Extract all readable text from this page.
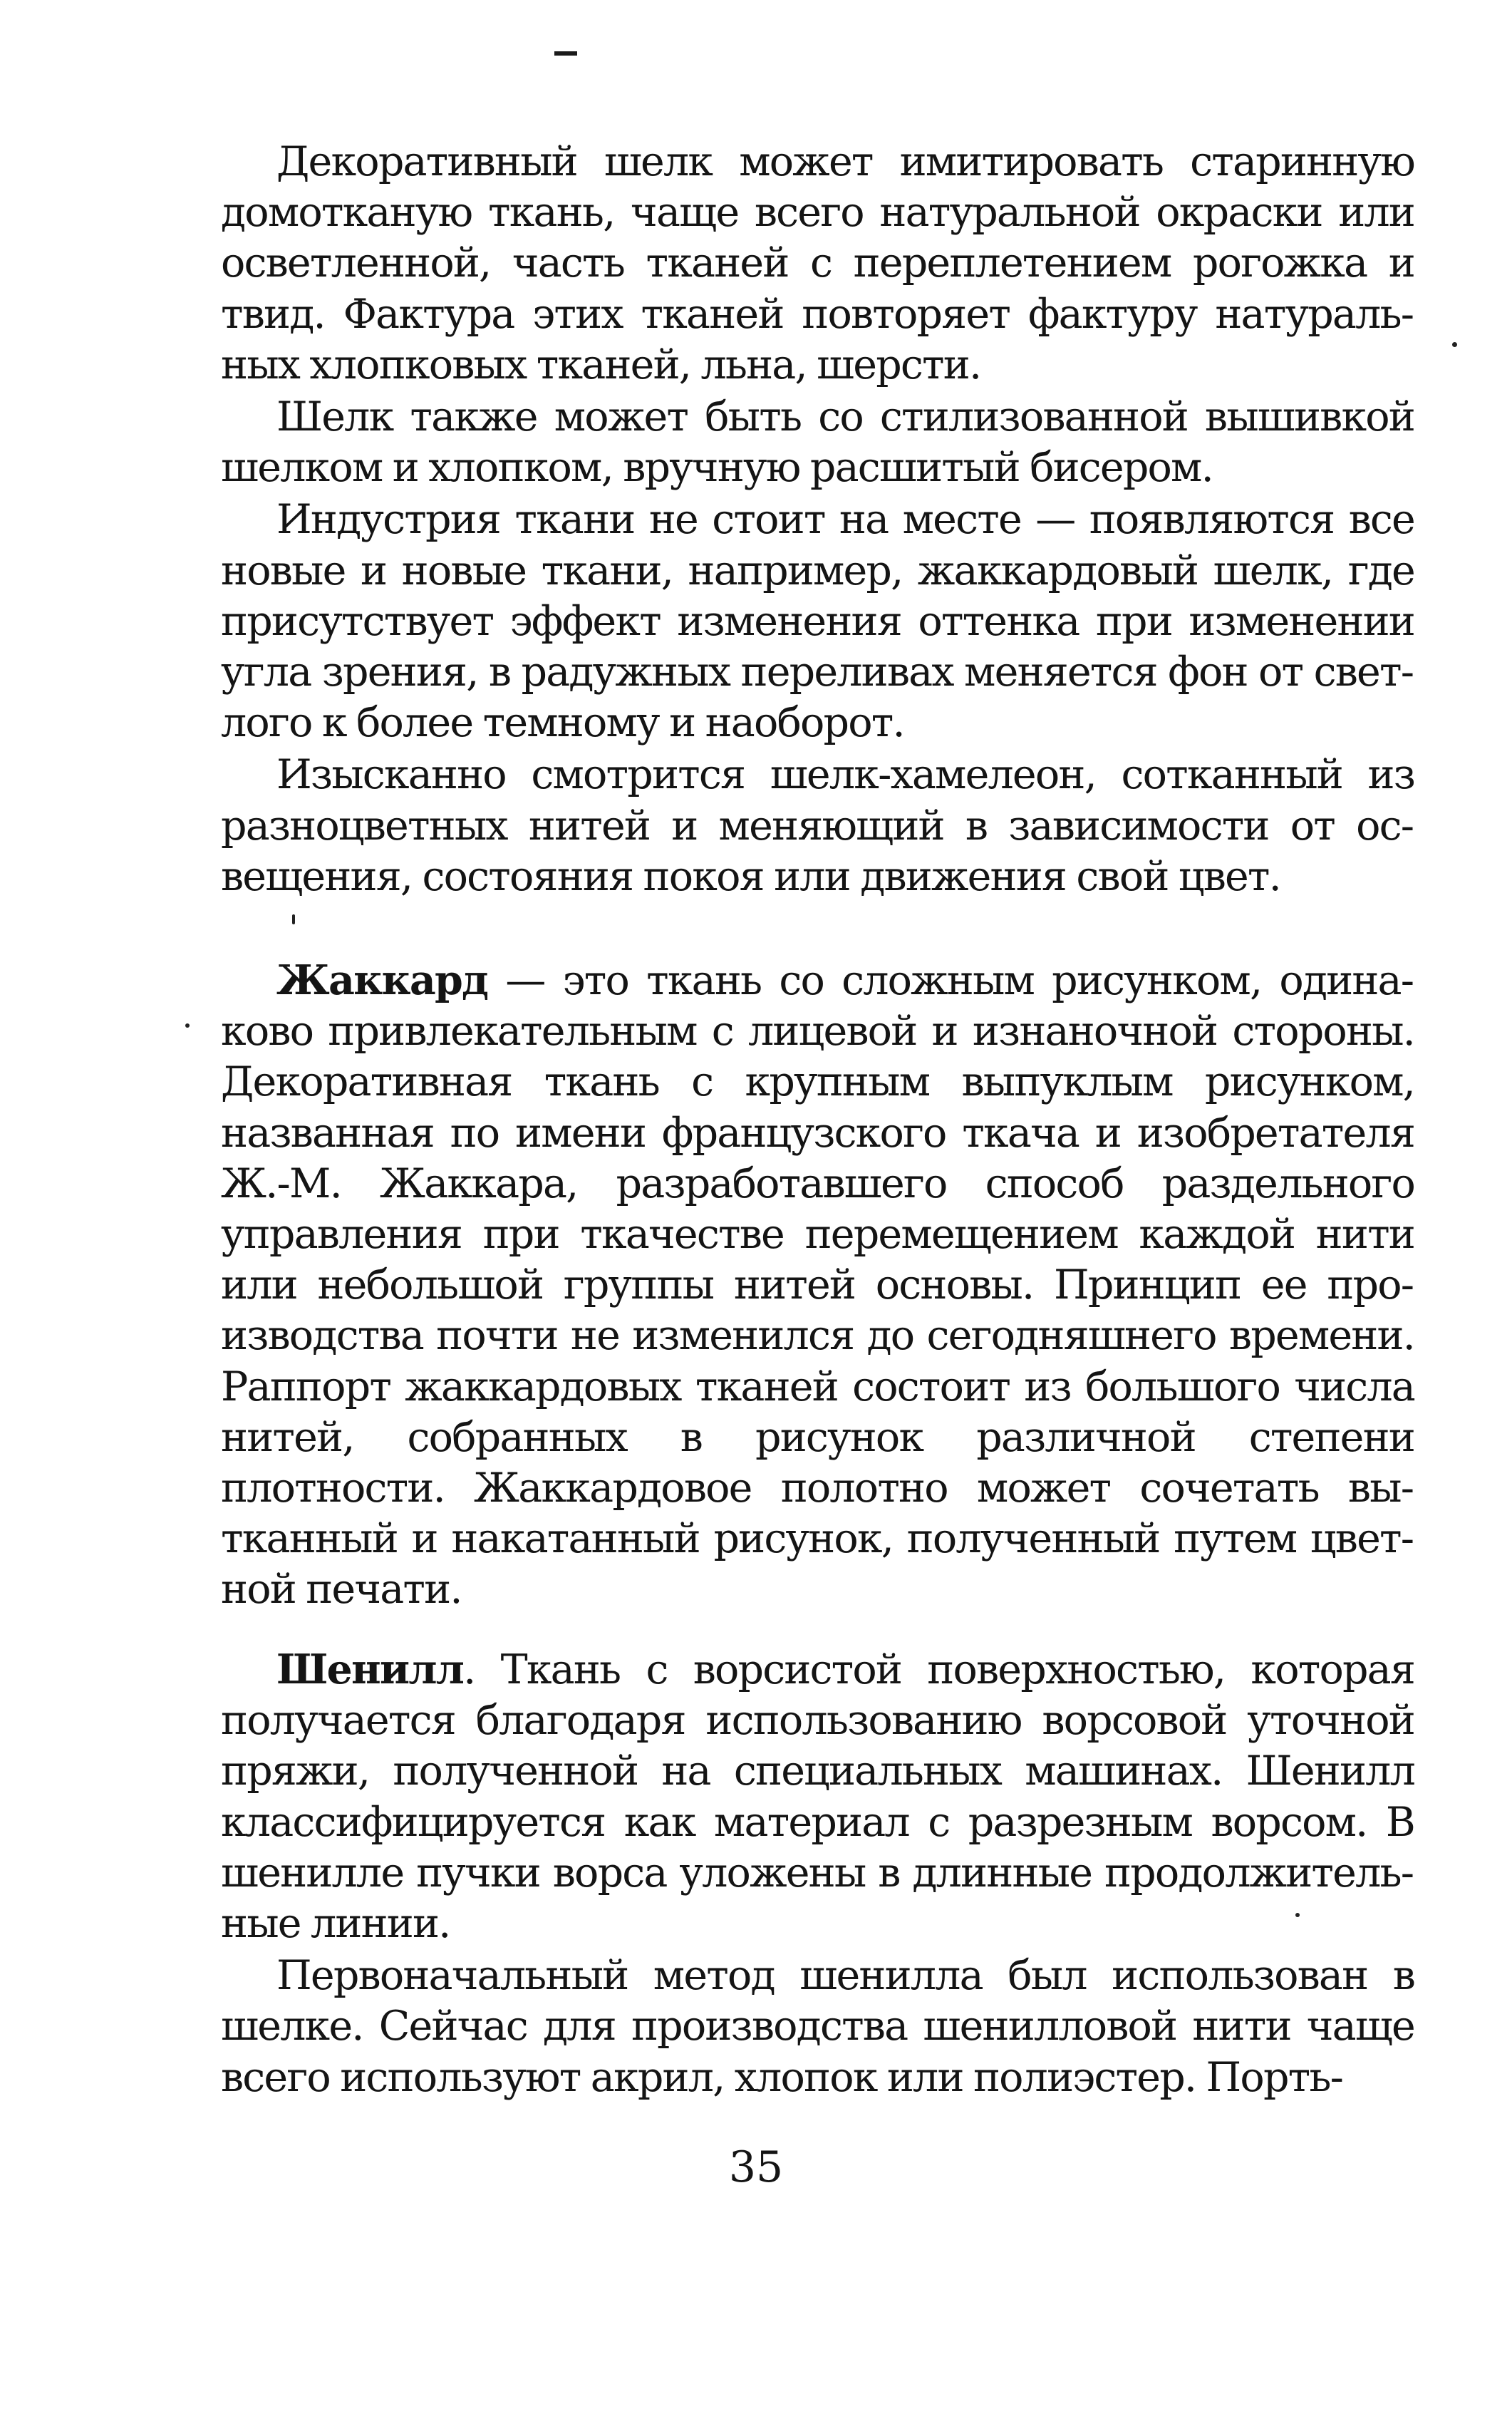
Декоративный шелк может имитировать старинную домотканую ткань, чаще всего натуральной окраски или осветленной, часть тканей с переплетением рогожка и твид. Фактура этих тканей повторяет фактуру натуральных хлопковых тканей, льна, шерсти.

Шелк также может быть со стилизованной вышивкой шелком и хлопком, вручную расшитый бисером.

Индустрия ткани не стоит на месте — появляются все новые и новые ткани, например, жаккардовый шелк, где присутствует эффект изменения оттенка при изменении угла зрения, в радужных переливах меняется фон от светлого к более темному и наоборот.

Изысканно смотрится шелк-хамелеон, сотканный из разноцветных нитей и меняющий в зависимости от освещения, состояния покоя или движения свой цвет.

Жаккард — это ткань со сложным рисунком, одинаково привлекательным с лицевой и изнаночной стороны. Декоративная ткань с крупным выпуклым рисунком, названная по имени французского ткача и изобретателя Ж.-М. Жаккара, разработавшего способ раздельного управления при ткачестве перемещением каждой нити или небольшой группы нитей основы. Принцип ее производства почти не изменился до сегодняшнего времени. Раппорт жаккардовых тканей состоит из большого числа нитей, собранных в рисунок различной степени плотности. Жаккардовое полотно может сочетать вытканный и накатанный рисунок, полученный путем цветной печати.

Шенилл. Ткань с ворсистой поверхностью, которая получается благодаря использованию ворсовой уточной пряжи, полученной на специальных машинах. Шенилл классифицируется как материал с разрезным ворсом. В шенилле пучки ворса уложены в длинные продолжительные линии.

Первоначальный метод шенилла был использован в шелке. Сейчас для производства шенилловой нити чаще всего используют акрил, хлопок или полиэстер. Порть-

35
